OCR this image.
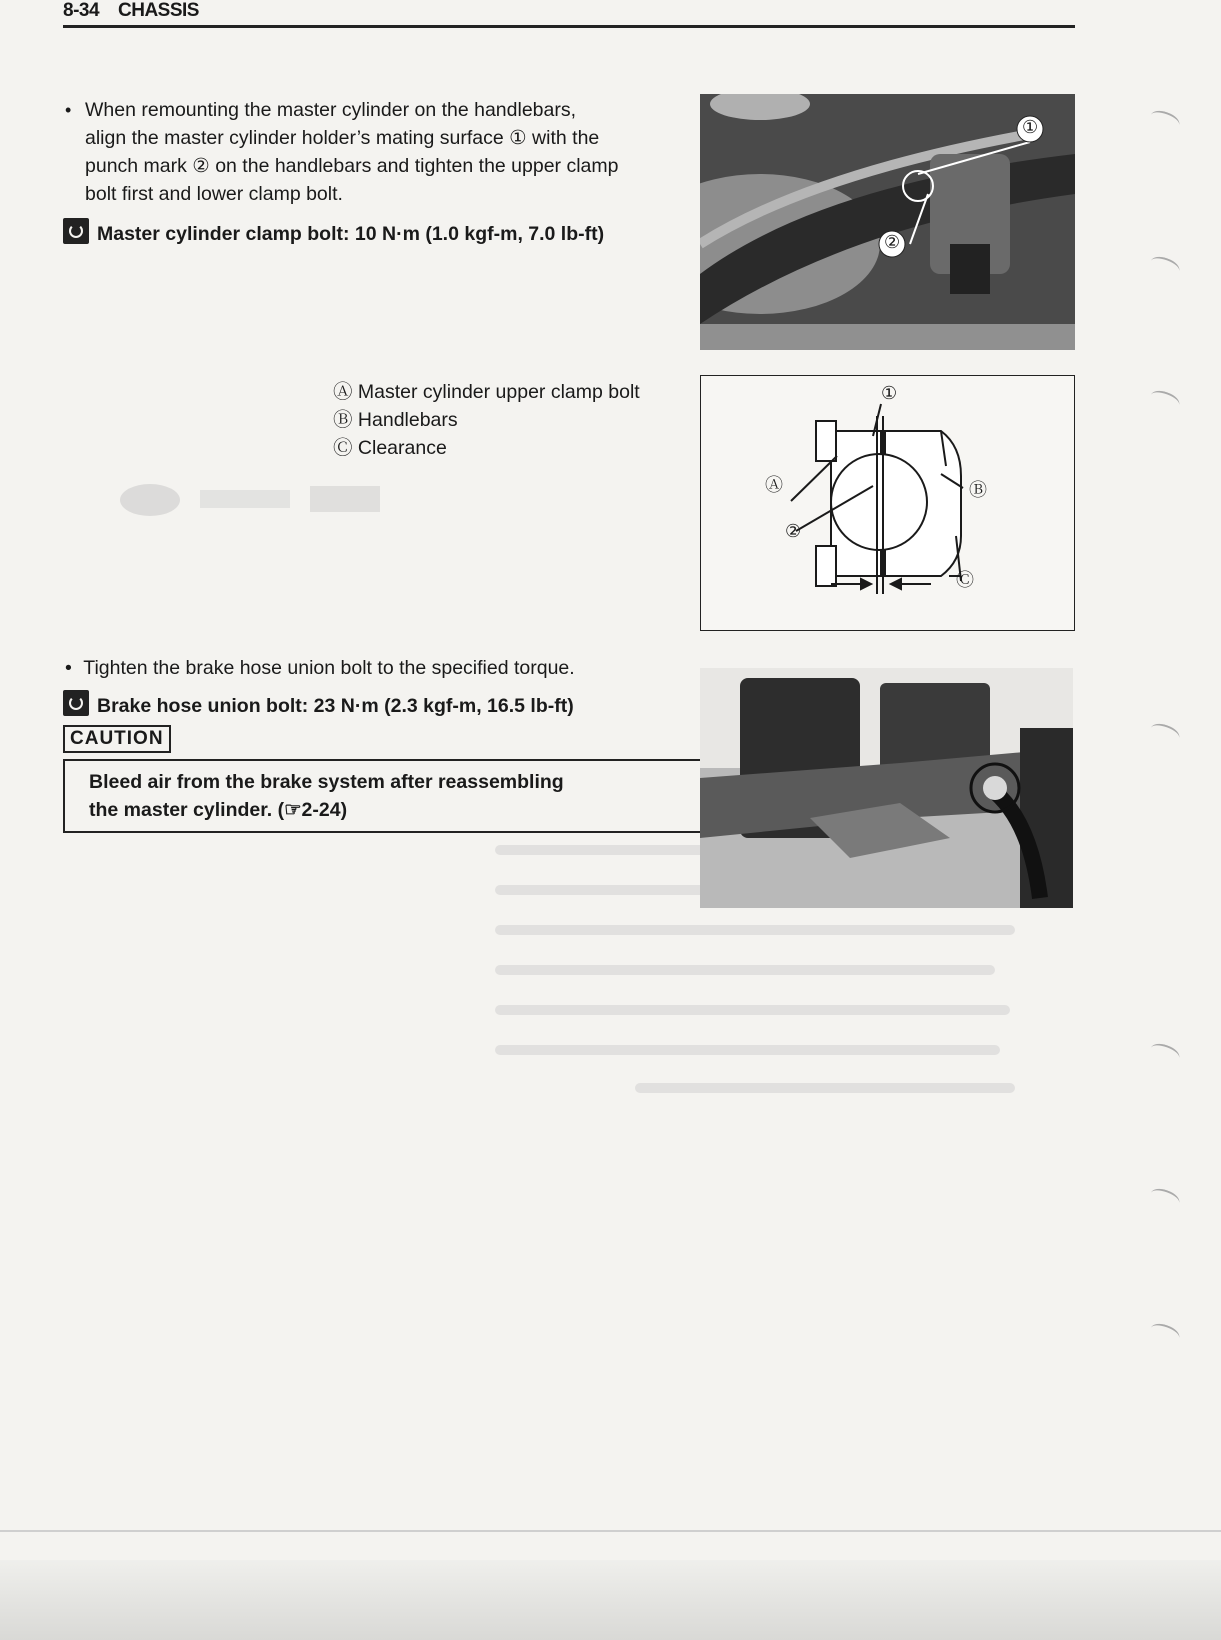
8-34 CHASSIS
• When remounting the master cylinder on the handlebars,
align the master cylinder holder’s mating surface ① with the
punch mark ② on the handlebars and tighten the upper clamp
bolt first and lower clamp bolt.
Master cylinder clamp bolt: 10 N·m (1.0 kgf-m, 7.0 lb-ft)
①
②
Ⓐ Master cylinder upper clamp bolt
Ⓑ Handlebars
Ⓒ Clearance
①
Ⓐ	Ⓑ
②
Ⓒ
• Tighten the brake hose union bolt to the specified torque.
Brake hose union bolt: 23 N·m (2.3 kgf-m, 16.5 lb-ft)
CAUTION
Bleed air from the brake system after reassembling
the master cylinder. (☞2-24)
